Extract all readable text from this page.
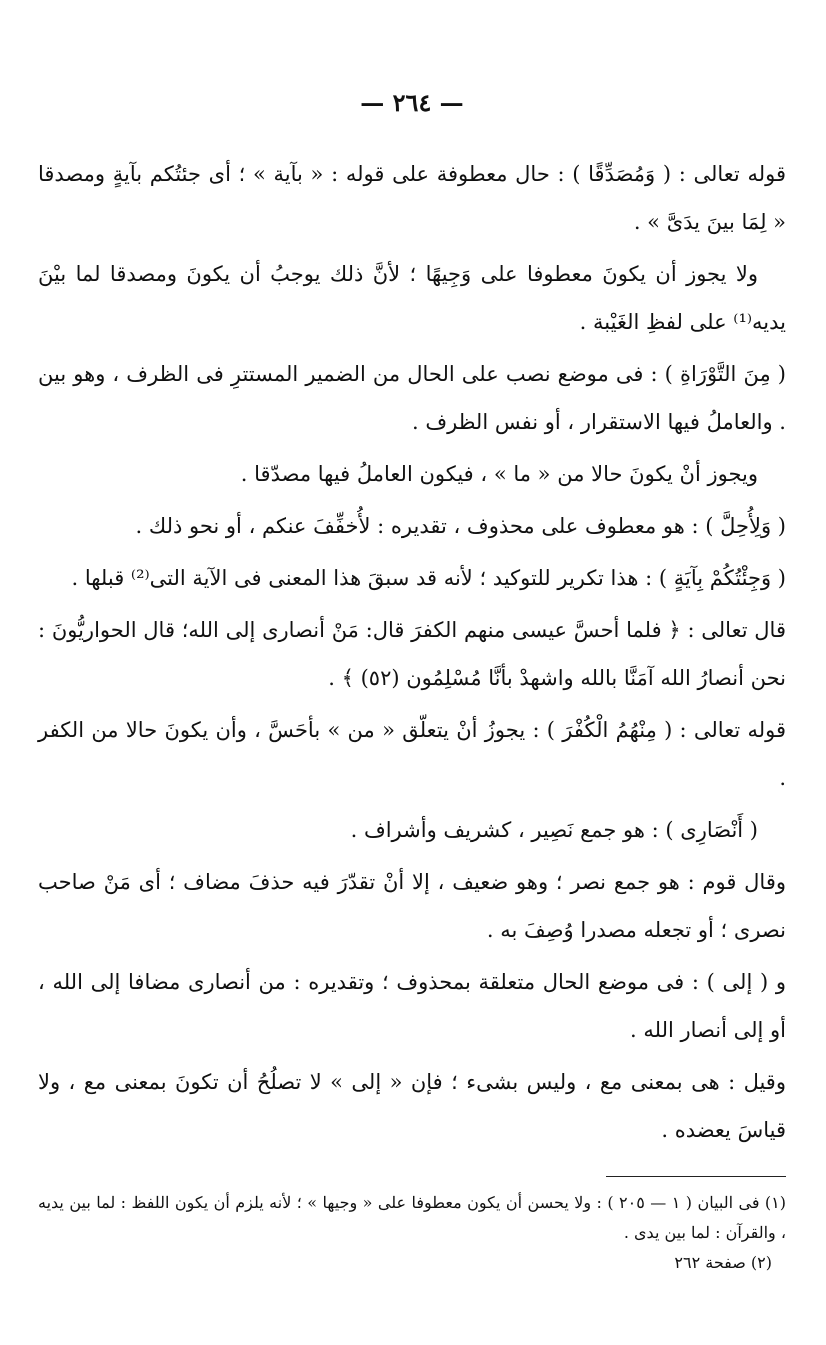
— ٢٦٤ —

قوله تعالى : ( وَمُصَدِّقًا ) : حال معطوفة على قوله : « بآية » ؛ أى جئتُكم بآيةٍ ومصدقا « لِمَا بينَ يدَىَّ » .

ولا يجوز أن يكونَ معطوفا على وَجِيهًا ؛ لأنَّ ذلك يوجبُ أن يكونَ ومصدقا لما بيْنَ يديه⁽¹⁾ على لفظِ الغَيْبة .

( مِنَ التَّوْرَاةِ ) : فى موضع نصب على الحال من الضمير المستترِ فى الظرف ، وهو بين . والعاملُ فيها الاستقرار ، أو نفس الظرف .

ويجوز أنْ يكونَ حالا من « ما » ، فيكون العاملُ فيها مصدّقا .

( وَلِأُحِلَّ ) : هو معطوف على محذوف ، تقديره : لأُخفِّفَ عنكم ، أو نحو ذلك .

( وَجِئْتُكُمْ بِآيَةٍ ) : هذا تكرير للتوكيد ؛ لأنه قد سبقَ هذا المعنى فى الآية التى⁽²⁾ قبلها .

قال تعالى : ﴿ فلما أحسَّ عيسى منهم الكفرَ قال: مَنْ أنصارى إلى الله؛ قال الحواريُّونَ : نحن أنصارُ الله آمَنَّا بالله واشهدْ بأنَّا مُسْلِمُون (٥٢) ﴾ .

قوله تعالى : ( مِنْهُمُ الْكُفْرَ ) : يجوزُ أنْ يتعلّق « من » بأحَسَّ ، وأن يكونَ حالا من الكفر .

( أَنْصَارِى ) : هو جمع نَصِير ، كشريف وأشراف .

وقال قوم : هو جمع نصر ؛ وهو ضعيف ، إلا أنْ تقدّرَ فيه حذفَ مضاف ؛ أى مَنْ صاحب نصرى ؛ أو تجعله مصدرا وُصِفَ به .

و ( إلى ) : فى موضع الحال متعلقة بمحذوف ؛ وتقديره : من أنصارى مضافا إلى الله ، أو إلى أنصار الله .

وقيل : هى بمعنى مع ، وليس بشىء ؛ فإن « إلى » لا تصلُحُ أن تكونَ بمعنى مع ، ولا قياسَ يعضده .

(١) فى البيان ( ١ — ٢٠٥ ) : ولا يحسن أن يكون معطوفا على « وجيها » ؛ لأنه يلزم أن يكون اللفظ : لما بين يديه ، والقرآن : لما بين يدى .

(٢) صفحة ٢٦٢
